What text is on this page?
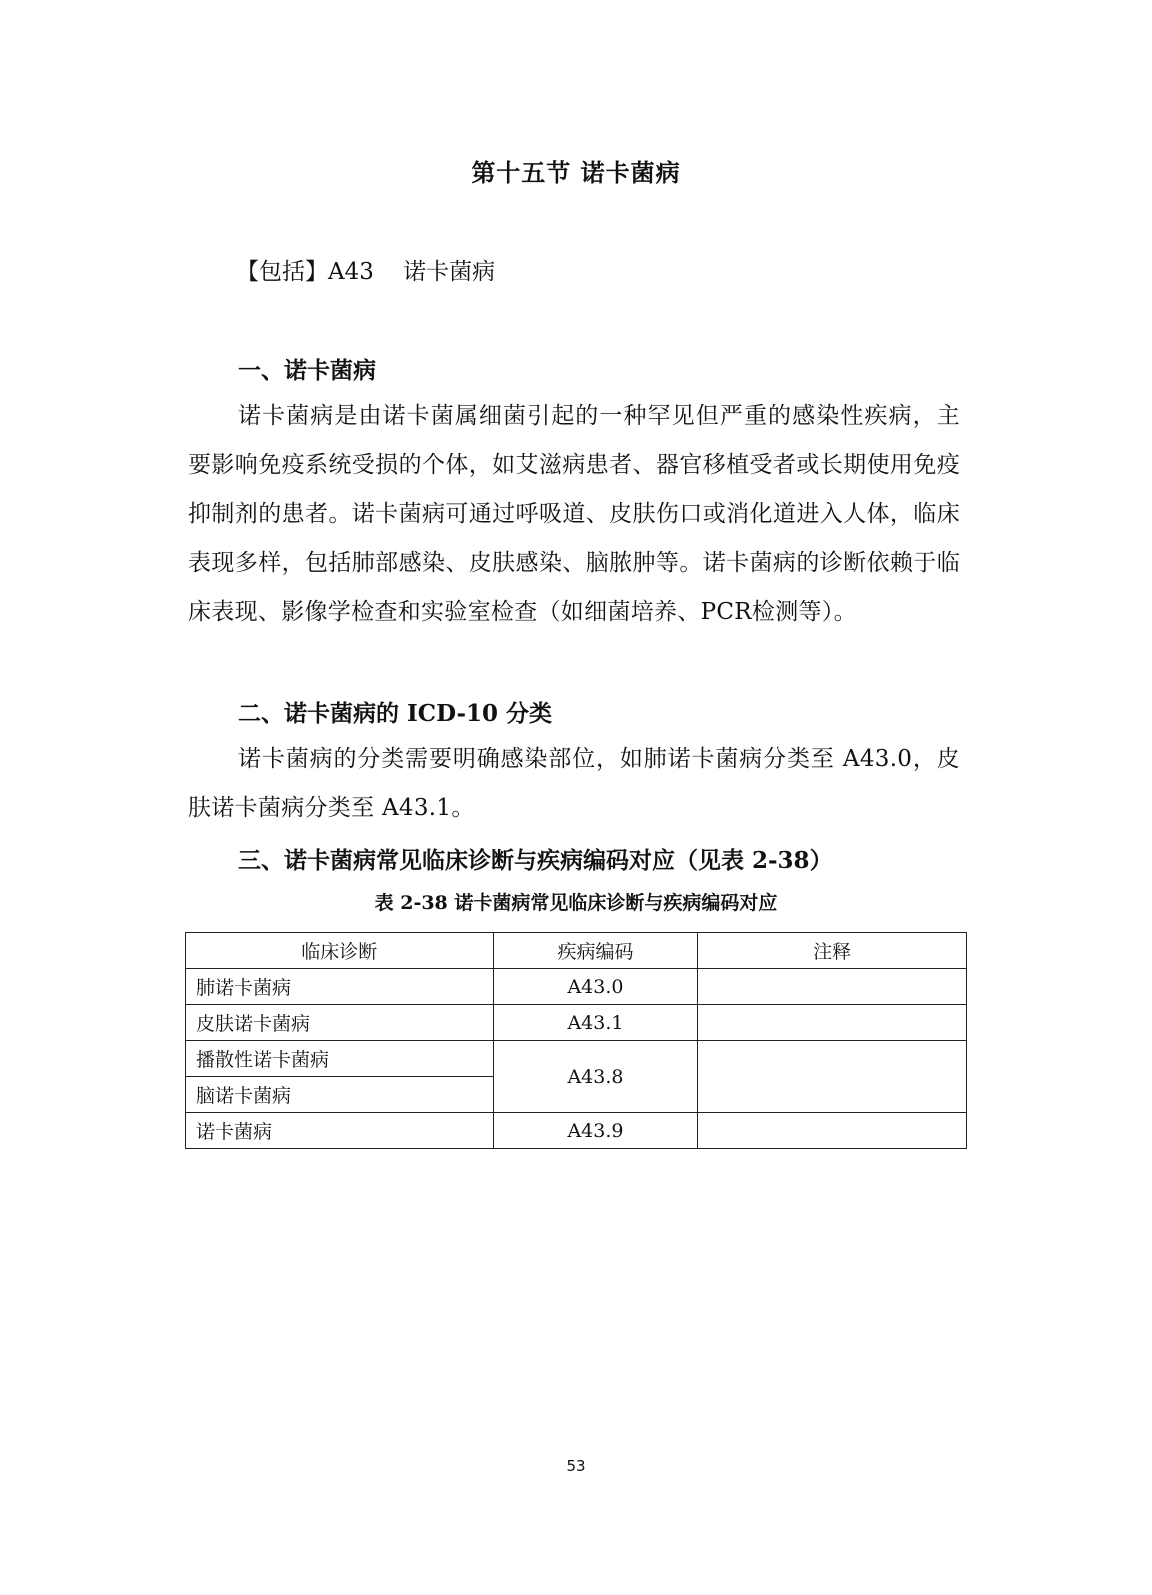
第十五节 诺卡菌病
【包括】A43    诺卡菌病
一、诺卡菌病
诺卡菌病是由诺卡菌属细菌引起的一种罕见但严重的感染性疾病，主要影响免疫系统受损的个体，如艾滋病患者、器官移植受者或长期使用免疫抑制剂的患者。诺卡菌病可通过呼吸道、皮肤伤口或消化道进入人体，临床表现多样，包括肺部感染、皮肤感染、脑脓肿等。诺卡菌病的诊断依赖于临床表现、影像学检查和实验室检查（如细菌培养、PCR检测等）。
二、诺卡菌病的 ICD-10 分类
诺卡菌病的分类需要明确感染部位，如肺诺卡菌病分类至 A43.0，皮肤诺卡菌病分类至 A43.1。
三、诺卡菌病常见临床诊断与疾病编码对应（见表 2-38）
表 2-38 诺卡菌病常见临床诊断与疾病编码对应
临床诊断	疾病编码	注释
肺诺卡菌病	A43.0	
皮肤诺卡菌病	A43.1	
播散性诺卡菌病	A43.8	
脑诺卡菌病		
诺卡菌病	A43.9	
53
